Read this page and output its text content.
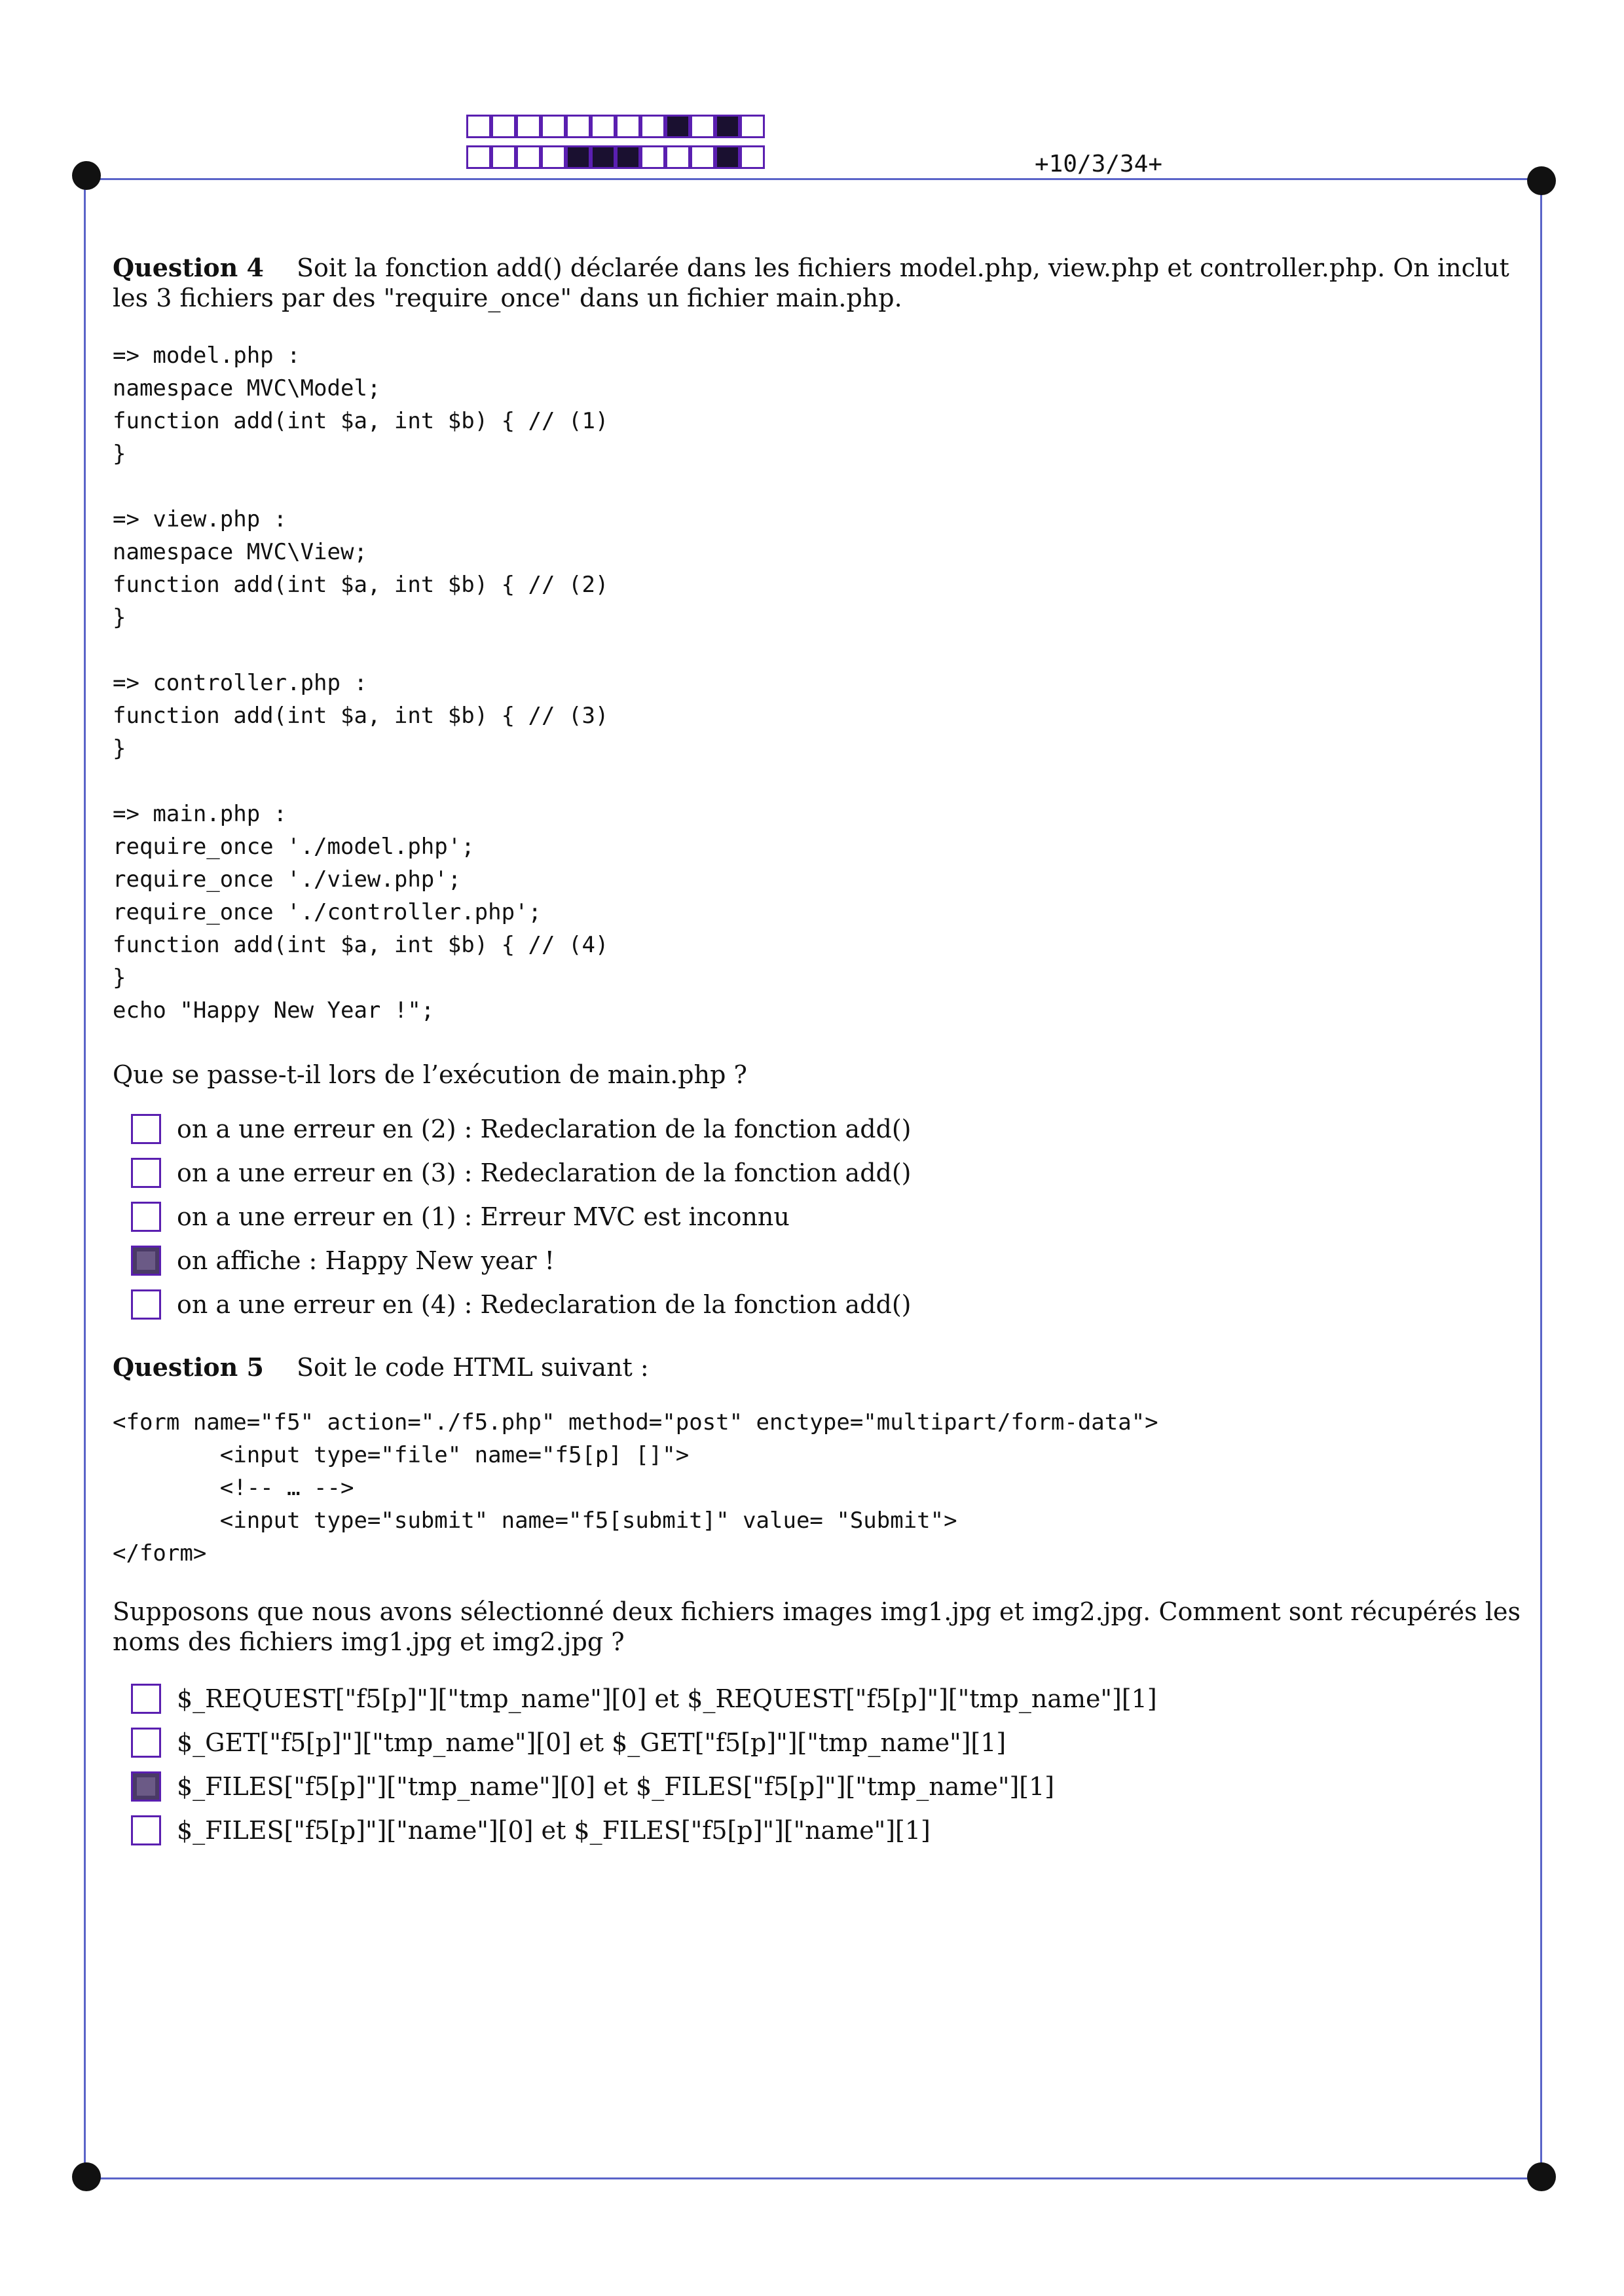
+10/3/34+
Question 4 Soit la fonction add() déclarée dans les fichiers model.php, view.php et controller.php. On inclut les 3 fichiers par des "require_once" dans un fichier main.php.
=> model.php :
namespace MVC\Model;
function add(int $a, int $b) { // (1)
}

=> view.php :
namespace MVC\View;
function add(int $a, int $b) { // (2)
}

=> controller.php :
function add(int $a, int $b) { // (3)
}

=> main.php :
require_once './model.php';
require_once './view.php';
require_once './controller.php';
function add(int $a, int $b) { // (4)
}
echo "Happy New Year !";
Que se passe-t-il lors de l’exécution de main.php ?
on a une erreur en (2) : Redeclaration de la fonction add()
on a une erreur en (3) : Redeclaration de la fonction add()
on a une erreur en (1) : Erreur MVC est inconnu
on affiche : Happy New year !
on a une erreur en (4) : Redeclaration de la fonction add()
Question 5 Soit le code HTML suivant :
<form name="f5" action="./f5.php" method="post" enctype="multipart/form-data">
<input type="file" name="f5[p] []">
<!-- … -->
<input type="submit" name="f5[submit]" value= "Submit">
</form>
Supposons que nous avons sélectionné deux fichiers images img1.jpg et img2.jpg. Comment sont récupérés les noms des fichiers img1.jpg et img2.jpg ?
$_REQUEST["f5[p]"]["tmp_name"][0] et $_REQUEST["f5[p]"]["tmp_name"][1]
$_GET["f5[p]"]["tmp_name"][0] et $_GET["f5[p]"]["tmp_name"][1]
$_FILES["f5[p]"]["tmp_name"][0] et $_FILES["f5[p]"]["tmp_name"][1]
$_FILES["f5[p]"]["name"][0] et $_FILES["f5[p]"]["name"][1]
